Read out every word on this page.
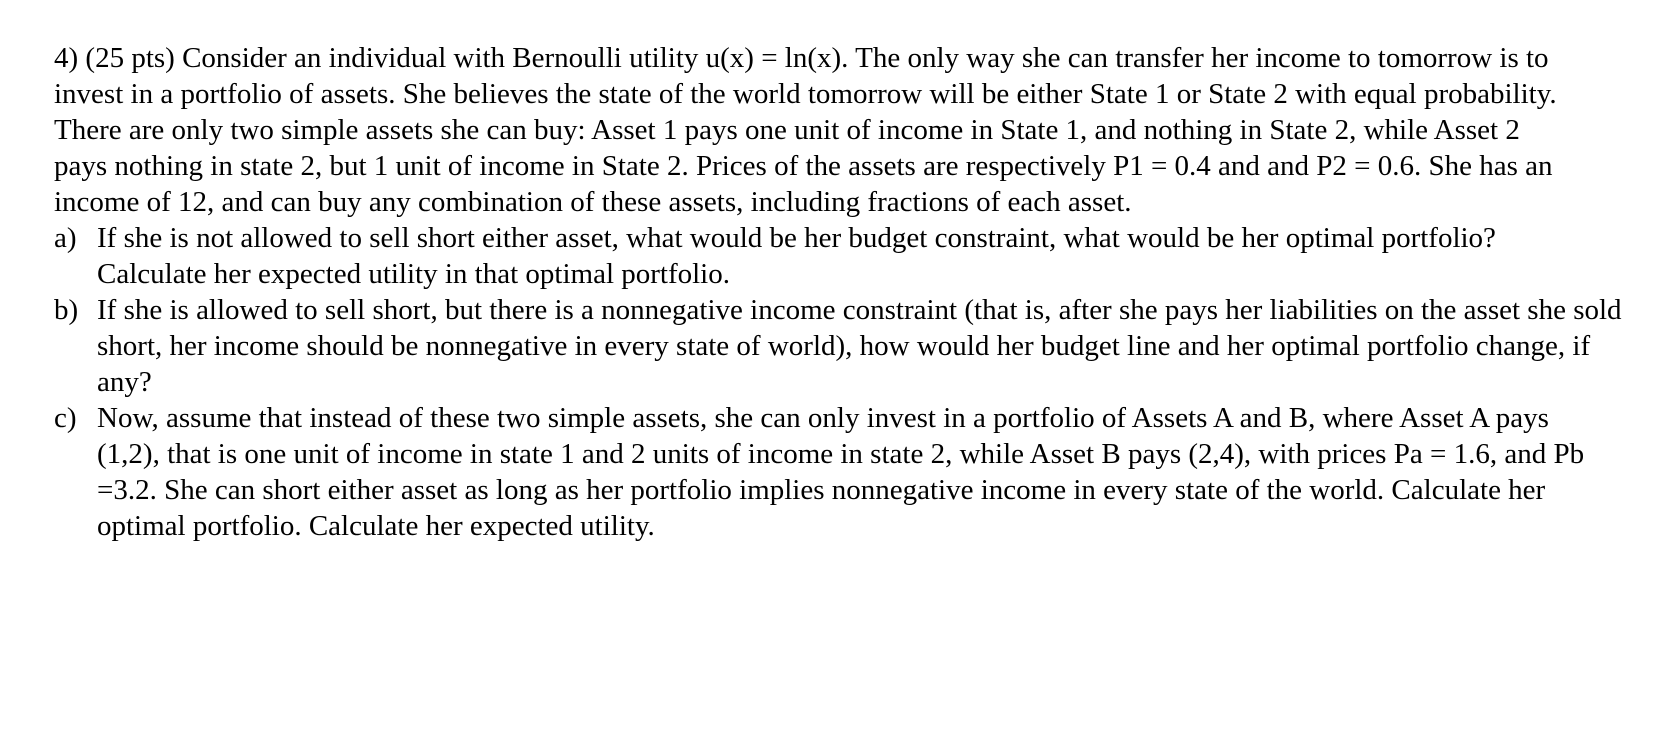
4) (25 pts) Consider an individual with Bernoulli utility u(x) = ln(x). The only way she can transfer her income to tomorrow is to invest in a portfolio of assets. She believes the state of the world tomorrow will be either State 1 or State 2 with equal probability. There are only two simple assets she can buy: Asset 1 pays one unit of income in State 1, and nothing in State 2, while Asset 2 pays nothing in state 2, but 1 unit of income in State 2. Prices of the assets are respectively P1 = 0.4 and and P2 = 0.6. She has an income of 12, and can buy any combination of these assets, including fractions of each asset.

a) If she is not allowed to sell short either asset, what would be her budget constraint, what would be her optimal portfolio? Calculate her expected utility in that optimal portfolio.
b) If she is allowed to sell short, but there is a nonnegative income constraint (that is, after she pays her liabilities on the asset she sold short, her income should be nonnegative in every state of world), how would her budget line and her optimal portfolio change, if any?
c) Now, assume that instead of these two simple assets, she can only invest in a portfolio of Assets A and B, where Asset A pays (1,2), that is one unit of income in state 1 and 2 units of income in state 2, while Asset B pays (2,4), with prices Pa = 1.6, and Pb =3.2. She can short either asset as long as her portfolio implies nonnegative income in every state of the world. Calculate her optimal portfolio. Calculate her expected utility.
